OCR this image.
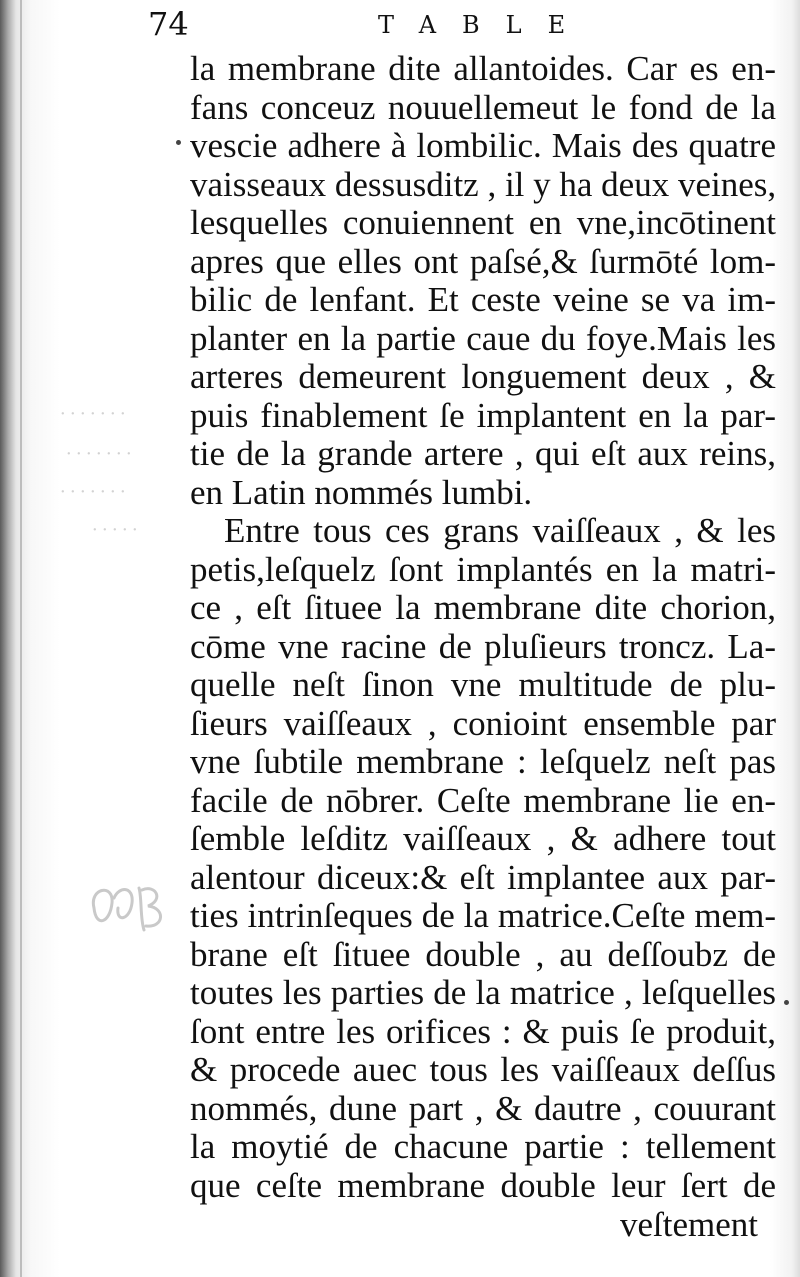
· · · · · · ·
· · · · · · ·
· · · · · · ·
· · · · ·
74	TABLE
la membrane dite allantoides. Car es en-
fans conceuz nouuellemeut le fond de la
vescie adhere à lombilic. Mais des quatre
vaisseaux dessusditz , il y ha deux veines,
lesquelles conuiennent en vne,incōtinent
apres que elles ont paſsé,& ſurmōté lom-
bilic de lenfant. Et ceste veine se va im-
planter en la partie caue du foye.Mais les
arteres demeurent longuement deux , &
puis finablement ſe implantent en la par-
tie de la grande artere , qui eſt aux reins,
en Latin nommés lumbi.
Entre tous ces grans vaiſſeaux , & les
petis,leſquelz ſont implantés en la matri-
ce , eſt ſituee la membrane dite chorion,
cōme vne racine de pluſieurs troncz. La-
quelle neſt ſinon vne multitude de plu-
ſieurs vaiſſeaux , conioint ensemble par
vne ſubtile membrane : leſquelz neſt pas
facile de nōbrer. Ceſte membrane lie en-
ſemble leſditz vaiſſeaux , & adhere tout
alentour diceux:& eſt implantee aux par-
ties intrinſeques de la matrice.Ceſte mem-
brane eſt ſituee double , au deſſoubz de
toutes les parties de la matrice , leſquelles
ſont entre les orifices : & puis ſe produit,
& procede auec tous les vaiſſeaux deſſus
nommés, dune part , & dautre , couurant
la moytié de chacune partie : tellement
que ceſte membrane double leur ſert de
veſtement
